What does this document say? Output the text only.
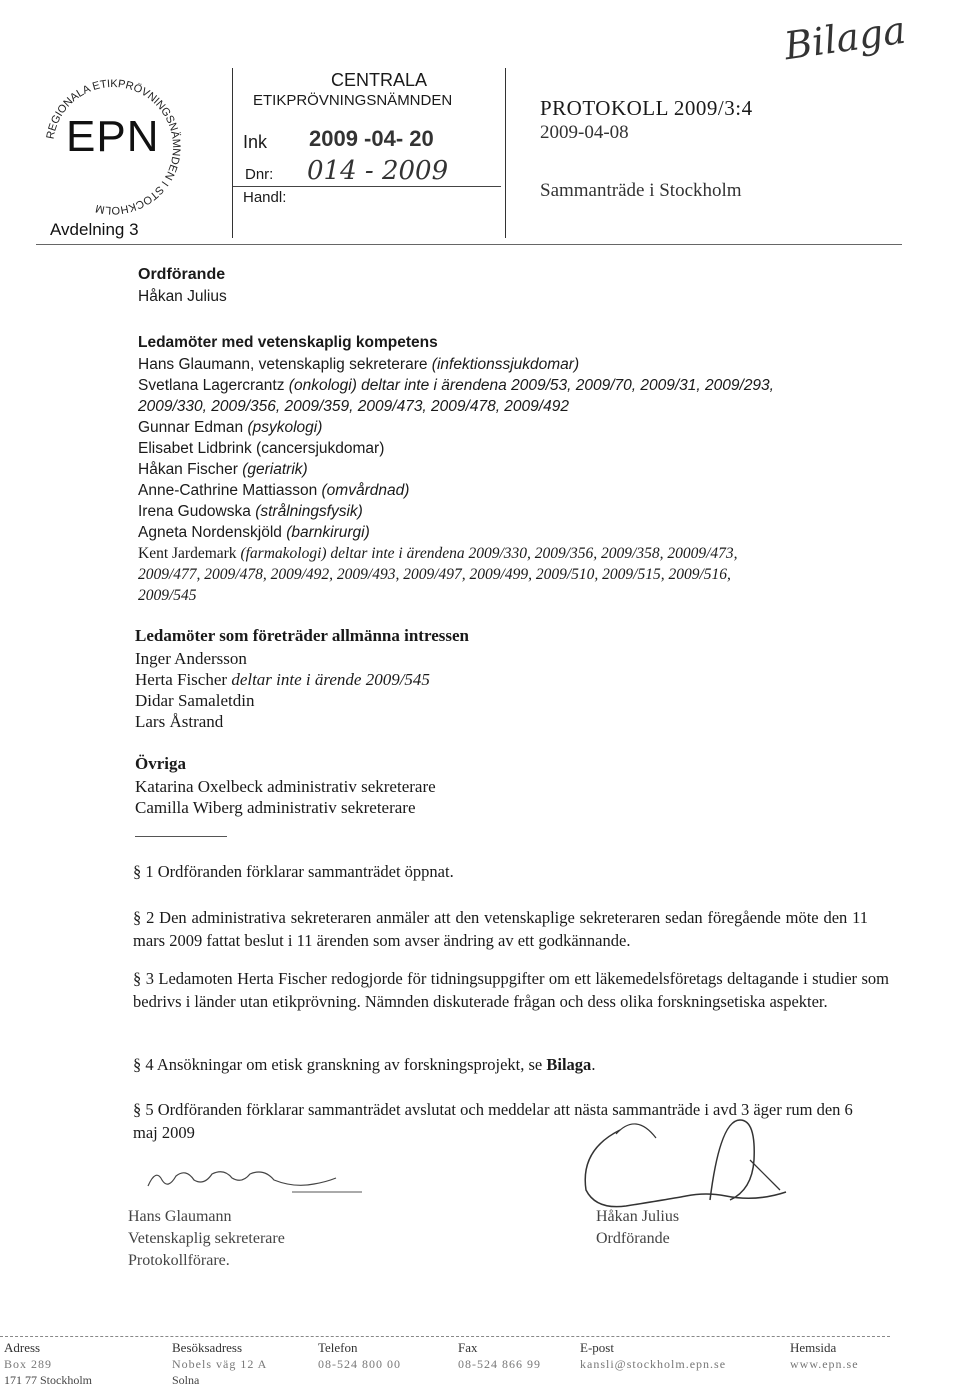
REGIONALA ETIKPRÖVNINGSNÄMNDEN I STOCKHOLM
EPN
Avdelning 3
CENTRALA
ETIKPRÖVNINGSNÄMNDEN
Ink 2009 -04- 20
Dnr: 014 - 2009
Handl:
PROTOKOLL 2009/3:4
2009-04-08
Sammanträde i Stockholm
Bilaga
Ordförande
Håkan Julius
Ledamöter med vetenskaplig kompetens
Hans Glaumann, vetenskaplig sekreterare (infektionssjukdomar)
Svetlana Lagercrantz (onkologi) deltar inte i ärendena 2009/53, 2009/70, 2009/31, 2009/293,
2009/330, 2009/356, 2009/359, 2009/473, 2009/478, 2009/492
Gunnar Edman (psykologi)
Elisabet Lidbrink (cancersjukdomar)
Håkan Fischer (geriatrik)
Anne-Cathrine Mattiasson (omvårdnad)
Irena Gudowska (strålningsfysik)
Agneta Nordenskjöld (barnkirurgi)
Kent Jardemark (farmakologi) deltar inte i ärendena 2009/330, 2009/356, 2009/358, 20009/473,
2009/477, 2009/478, 2009/492, 2009/493, 2009/497, 2009/499, 2009/510, 2009/515, 2009/516,
2009/545
Ledamöter som företräder allmänna intressen
Inger Andersson
Herta Fischer deltar inte i ärende 2009/545
Didar Samaletdin
Lars Åstrand
Övriga
Katarina Oxelbeck administrativ sekreterare
Camilla Wiberg administrativ sekreterare
§ 1 Ordföranden förklarar sammanträdet öppnat.
§ 2 Den administrativa sekreteraren anmäler att den vetenskaplige sekreteraren sedan föregående möte den 11 mars 2009 fattat beslut i 11 ärenden som avser ändring av ett godkännande.
§ 3 Ledamoten Herta Fischer redogjorde för tidningsuppgifter om ett läkemedelsföretags deltagande i studier som bedrivs i länder utan etikprövning. Nämnden diskuterade frågan och dess olika forskningsetiska aspekter.
§ 4 Ansökningar om etisk granskning av forskningsprojekt, se Bilaga.
§ 5 Ordföranden förklarar sammanträdet avslutat och meddelar att nästa sammanträde i avd 3 äger rum den 6 maj 2009
Hans Glaumann
Vetenskaplig sekreterare
Protokollförare.
Håkan Julius
Ordförande
Adress
Box 289
171 77 Stockholm
Besöksadress
Nobels väg 12 A
Solna
Telefon
08-524 800 00
Fax
08-524 866 99
E-post
kansli@stockholm.epn.se
Hemsida
www.epn.se
